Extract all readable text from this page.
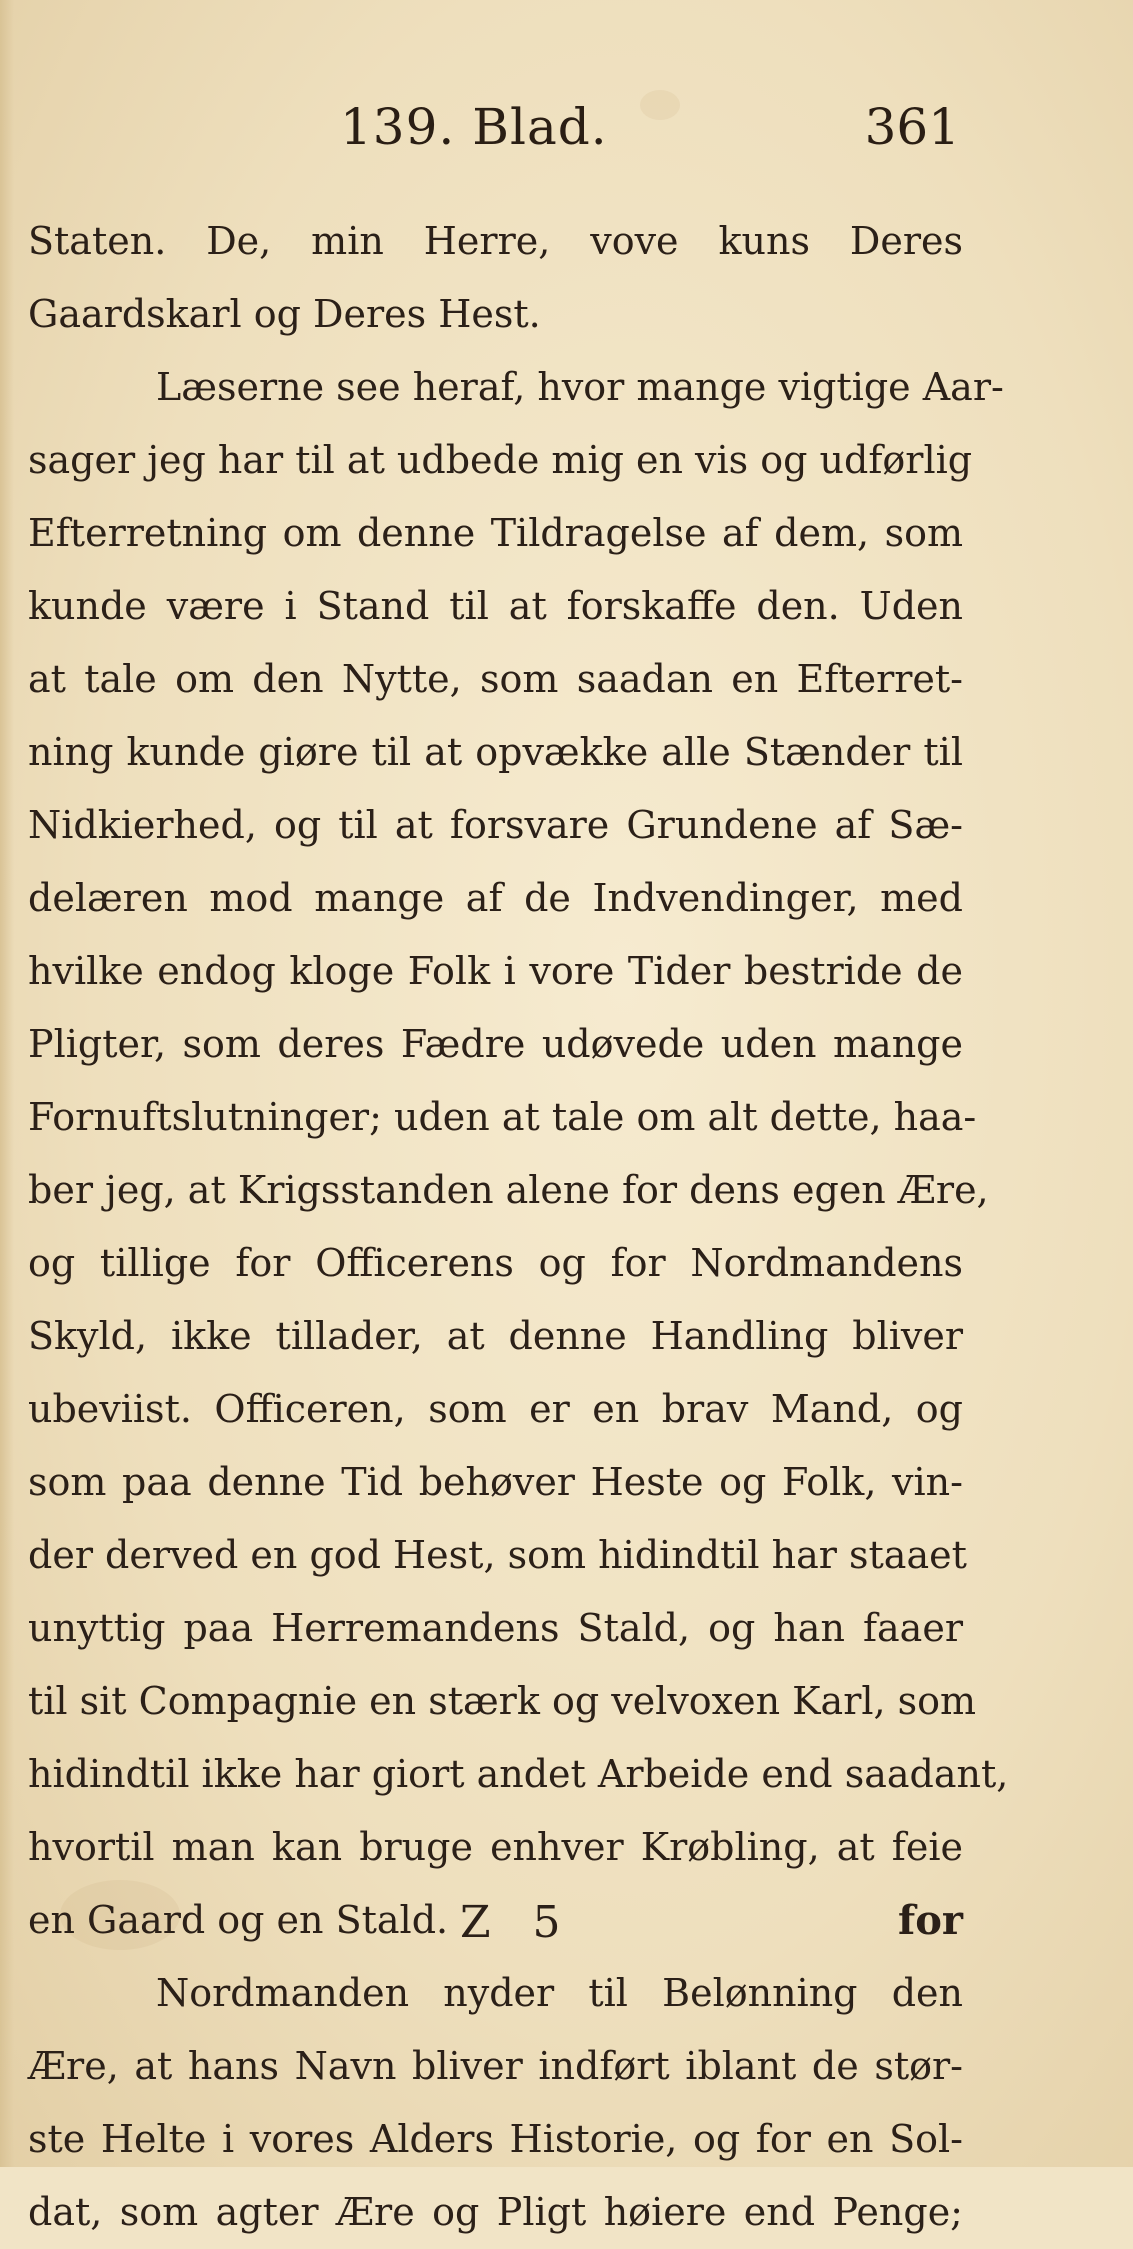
139. Blad.	361
Staten. De, min Herre, vove kuns Deres
Gaardskarl og Deres Hest.
Læserne see heraf, hvor mange vigtige Aar-
sager jeg har til at udbede mig en vis og udførlig
Efterretning om denne Tildragelse af dem, som
kunde være i Stand til at forskaffe den. Uden
at tale om den Nytte, som saadan en Efterret-
ning kunde giøre til at opvække alle Stænder til
Nidkierhed, og til at forsvare Grundene af Sæ-
delæren mod mange af de Indvendinger, med
hvilke endog kloge Folk i vore Tider bestride de
Pligter, som deres Fædre udøvede uden mange
Fornuftslutninger; uden at tale om alt dette, haa-
ber jeg, at Krigsstanden alene for dens egen Ære,
og tillige for Officerens og for Nordmandens
Skyld, ikke tillader, at denne Handling bliver
ubeviist. Officeren, som er en brav Mand, og
som paa denne Tid behøver Heste og Folk, vin-
der derved en god Hest, som hidindtil har staaet
unyttig paa Herremandens Stald, og han faaer
til sit Compagnie en stærk og velvoxen Karl, som
hidindtil ikke har giort andet Arbeide end saadant,
hvortil man kan bruge enhver Krøbling, at feie
en Gaard og en Stald.
Nordmanden nyder til Belønning den
Ære, at hans Navn bliver indført iblant de stør-
ste Helte i vores Alders Historie, og for en Sol-
dat, som agter Ære og Pligt høiere end Penge;
Z 5	for
